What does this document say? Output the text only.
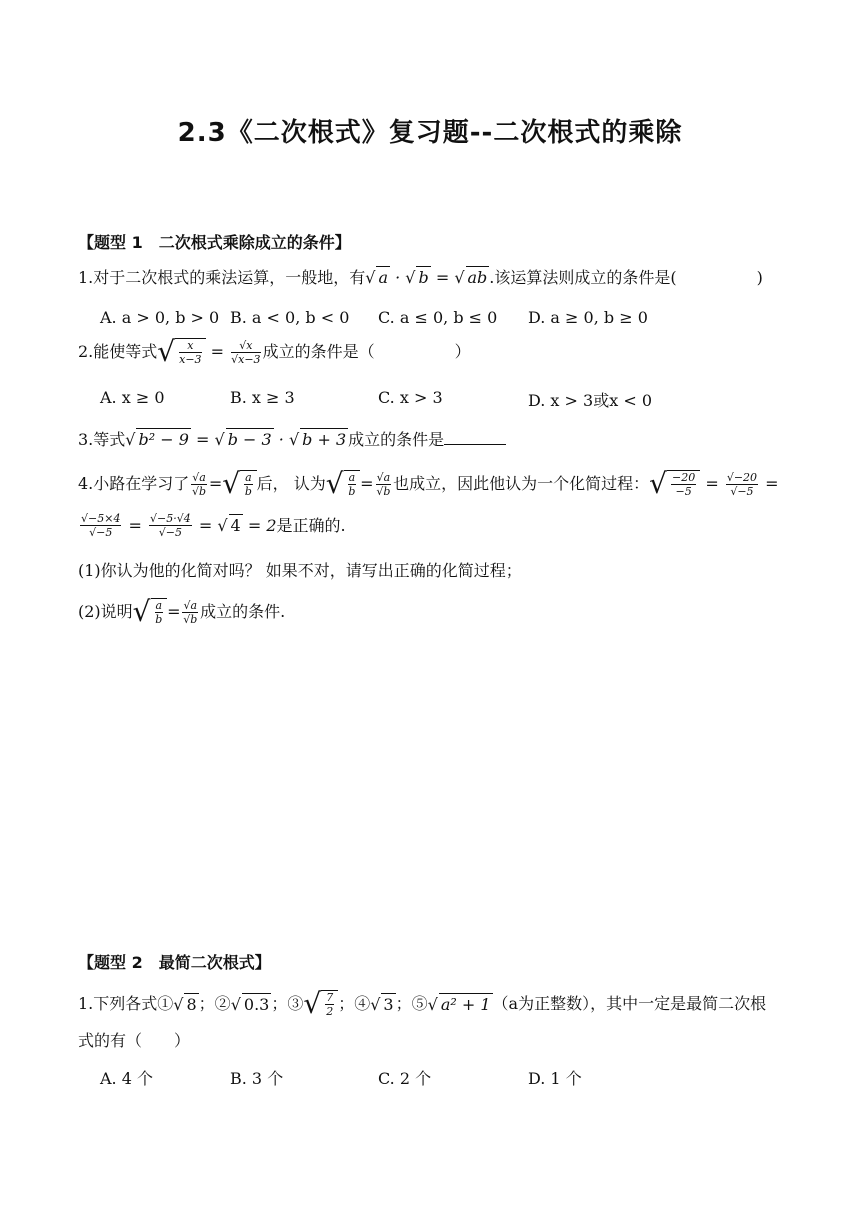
2.3《二次根式》复习题--二次根式的乘除
【题型 1　二次根式乘除成立的条件】
1.对于二次根式的乘法运算，一般地，有√ a · √ b = √ ab .该运算法则成立的条件是(　　　　　)
A. a > 0, b > 0 B. a < 0, b < 0 C. a ≤ 0, b ≤ 0 D. a ≥ 0, b ≥ 0
2.能使等式 √ $\frac{x}{x-3} = \frac{√x}{√x-3}$ 成立的条件是（　　　　　）
A. x ≥ 0	B. x ≥ 3	C. x > 3	D. x > 3或x < 0
3.等式√ b² − 9 = √ b − 3 · √ b + 3 成立的条件是
4.小路在学习了 $\frac{√a}{√b}$ = √ $\frac{a}{b}$ 后， 认为 √ $\frac{a}{b} = \frac{√a}{√b}$ 也成立，因此他认为一个化简过程： √ $\frac{-20}{-5} = \frac{√-20}{√-5}$ =
$\frac{√-5\times 4}{√-5} = \frac{√-5\cdot√4}{√-5}$ = √ 4 = 2 是正确的.
(1)你认为他的化简对吗？ 如果不对，请写出正确的化简过程；
(2)说明 √ $\frac{a}{b} = \frac{√a}{√b}$ 成立的条件.
【题型 2　最简二次根式】
1.下列各式① √ 8 ；② √ 0.3 ；③ √ $\frac{7}{2}$ ；④ √ 3 ；⑤ √ a² + 1 （a为正整数），其中一定是最简二次根
式的有（　　）
A. 4 个	B. 3 个	C. 2 个	D. 1 个
